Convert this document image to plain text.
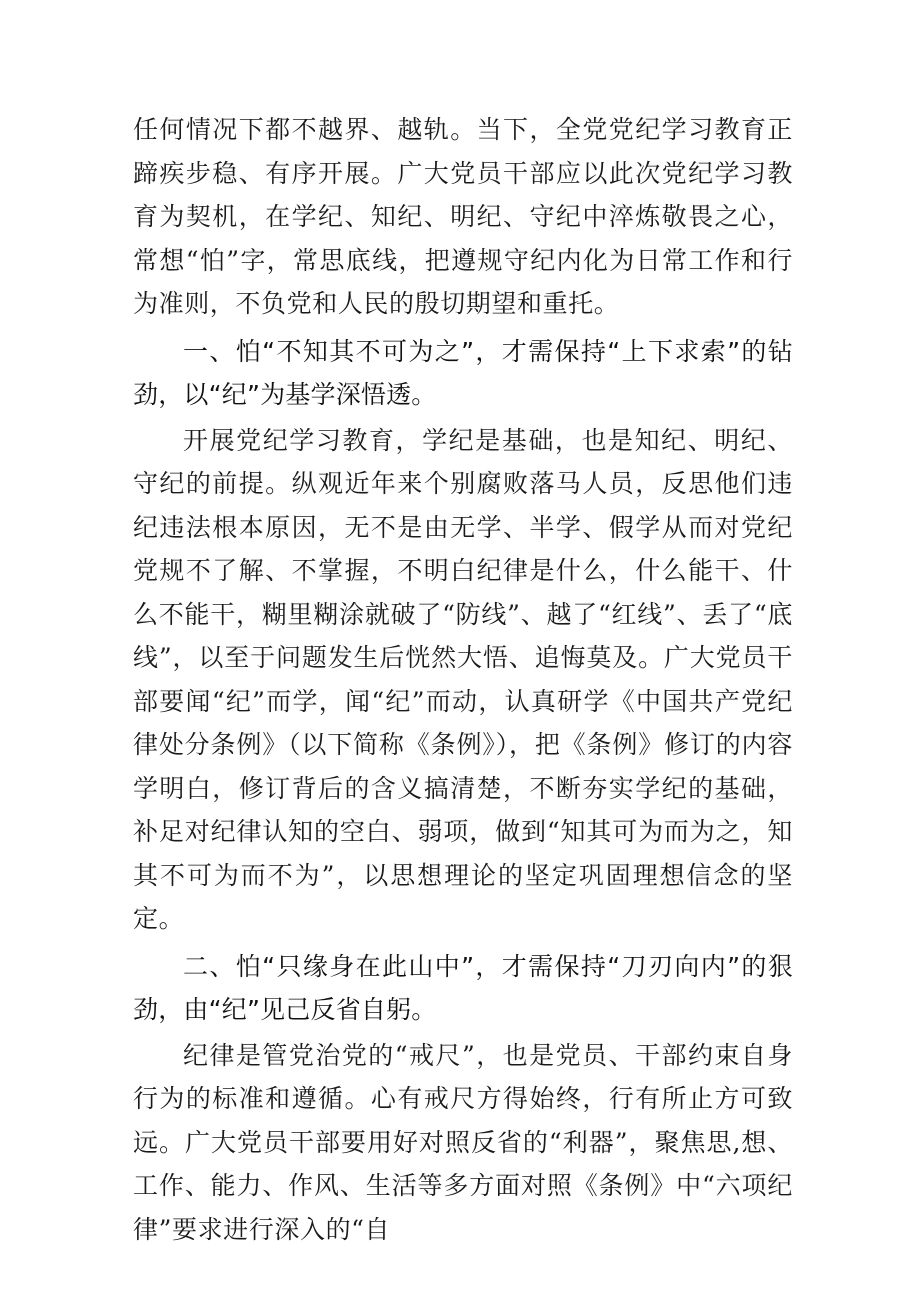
任何情况下都不越界、越轨。当下，全党党纪学习教育正蹄疾步稳、有序开展。广大党员干部应以此次党纪学习教育为契机，在学纪、知纪、明纪、守纪中淬炼敬畏之心，常想“怕”字，常思底线，把遵规守纪内化为日常工作和行为准则，不负党和人民的殷切期望和重托。

一、怕“不知其不可为之”，才需保持“上下求索”的钻劲，以“纪”为基学深悟透。

开展党纪学习教育，学纪是基础，也是知纪、明纪、守纪的前提。纵观近年来个别腐败落马人员，反思他们违纪违法根本原因，无不是由无学、半学、假学从而对党纪党规不了解、不掌握，不明白纪律是什么，什么能干、什么不能干，糊里糊涂就破了“防线”、越了“红线”、丢了“底线”，以至于问题发生后恍然大悟、追悔莫及。广大党员干部要闻“纪”而学，闻“纪”而动，认真研学《中国共产党纪律处分条例》（以下简称《条例》），把《条例》修订的内容学明白，修订背后的含义搞清楚，不断夯实学纪的基础，补足对纪律认知的空白、弱项，做到“知其可为而为之，知其不可为而不为”，以思想理论的坚定巩固理想信念的坚定。

二、怕“只缘身在此山中”，才需保持“刀刃向内”的狠劲，由“纪”见己反省自躬。

纪律是管党治党的“戒尺”，也是党员、干部约束自身行为的标准和遵循。心有戒尺方得始终，行有所止方可致远。广大党员干部要用好对照反省的“利器”，聚焦思,想、工作、能力、作风、生活等多方面对照《条例》中“六项纪律”要求进行深入的“自
